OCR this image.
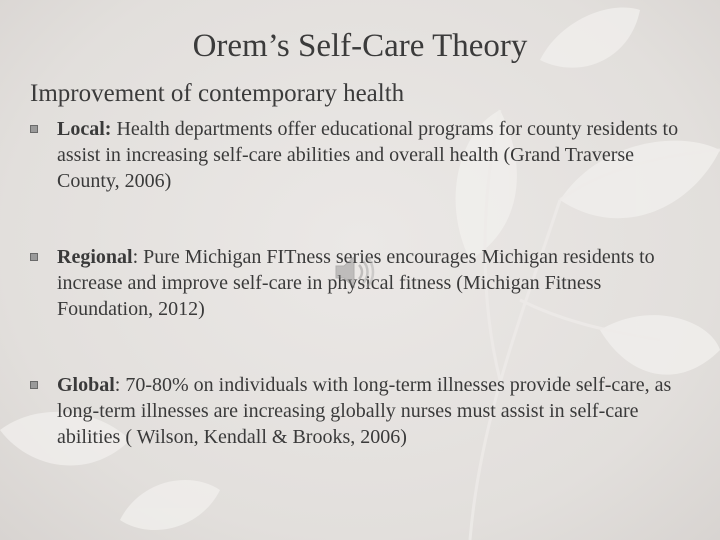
Orem’s Self-Care Theory
Improvement of contemporary health
Local: Health departments offer educational programs for county residents to assist in increasing self-care abilities and overall health (Grand Traverse County, 2006)
Regional: Pure Michigan FITness series encourages Michigan residents to increase and improve self-care in physical fitness (Michigan Fitness Foundation, 2012)
Global: 70-80% on individuals with long-term illnesses provide self-care, as long-term illnesses are increasing globally nurses must assist in self-care abilities ( Wilson, Kendall & Brooks, 2006)
